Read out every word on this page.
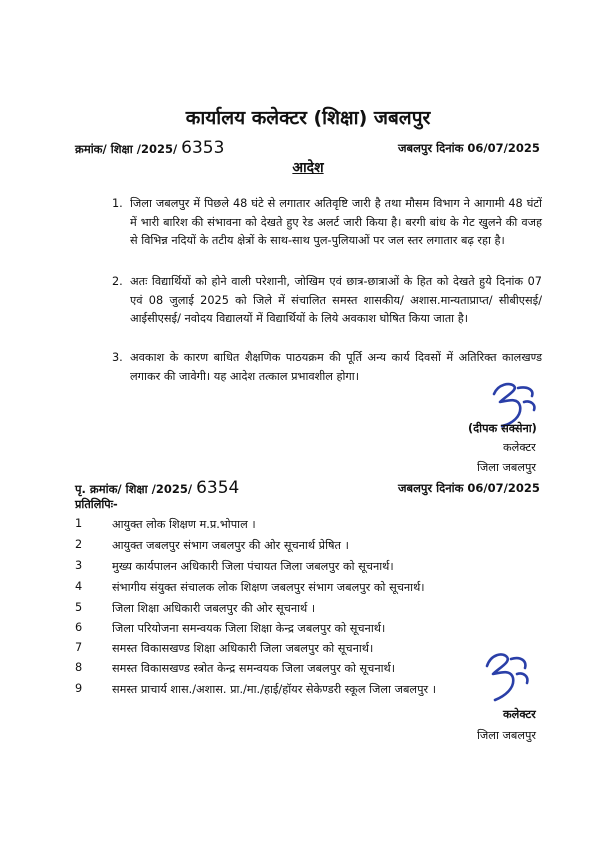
कार्यालय कलेक्टर (शिक्षा) जबलपुर
क्रमांक/ शिक्षा /2025/ 6353	जबलपुर दिनांक 06/07/2025
आदेश
1. जिला जबलपुर में पिछले 48 घंटे से लगातार अतिवृष्टि जारी है तथा मौसम विभाग ने आगामी 48 घंटों में भारी बारिश की संभावना को देखते हुए रेड अलर्ट जारी किया है। बरगी बांध के गेट खुलने की वजह से विभिन्न नदियों के तटीय क्षेत्रों के साथ-साथ पुल-पुलियाओं पर जल स्तर लगातार बढ़ रहा है।
2. अतः विद्यार्थियों को होने वाली परेशानी, जोखिम एवं छात्र-छात्राओं के हित को देखते हुये दिनांक 07 एवं 08 जुलाई 2025 को जिले में संचालित समस्त शासकीय/ अशास.मान्यताप्राप्त/ सीबीएसई/ आईसीएसई/ नवोदय विद्यालयों में विद्यार्थियों के लिये अवकाश घोषित किया जाता है।
3. अवकाश के कारण बाधित शैक्षणिक पाठयक्रम की पूर्ति अन्य कार्य दिवसों में अतिरिक्त कालखण्ड लगाकर की जावेगी। यह आदेश तत्काल प्रभावशील होगा।
(दीपक सक्सेना)
कलेक्टर
जिला जबलपुर
पृ. क्रमांक/ शिक्षा /2025/ 6354	जबलपुर दिनांक 06/07/2025
प्रतिलिपिः-
1	आयुक्त लोक शिक्षण म.प्र.भोपाल ।
2	आयुक्त जबलपुर संभाग जबलपुर की ओर सूचनार्थ प्रेषित ।
3	मुख्य कार्यपालन अधिकारी जिला पंचायत जिला जबलपुर को सूचनार्थ।
4	संभागीय संयुक्त संचालक लोक शिक्षण जबलपुर संभाग जबलपुर को सूचनार्थ।
5	जिला शिक्षा अधिकारी जबलपुर की ओर सूचनार्थ ।
6	जिला परियोजना समन्वयक जिला शिक्षा केन्द्र जबलपुर को सूचनार्थ।
7	समस्त विकासखण्ड शिक्षा अधिकारी जिला जबलपुर को सूचनार्थ।
8	समस्त विकासखण्ड स्त्रोत केन्द्र समन्वयक जिला जबलपुर को सूचनार्थ।
9	समस्त प्राचार्य शास./अशास. प्रा./मा./हाई/हॉयर सेकेण्डरी स्कूल जिला जबलपुर ।
कलेक्टर
जिला जबलपुर
